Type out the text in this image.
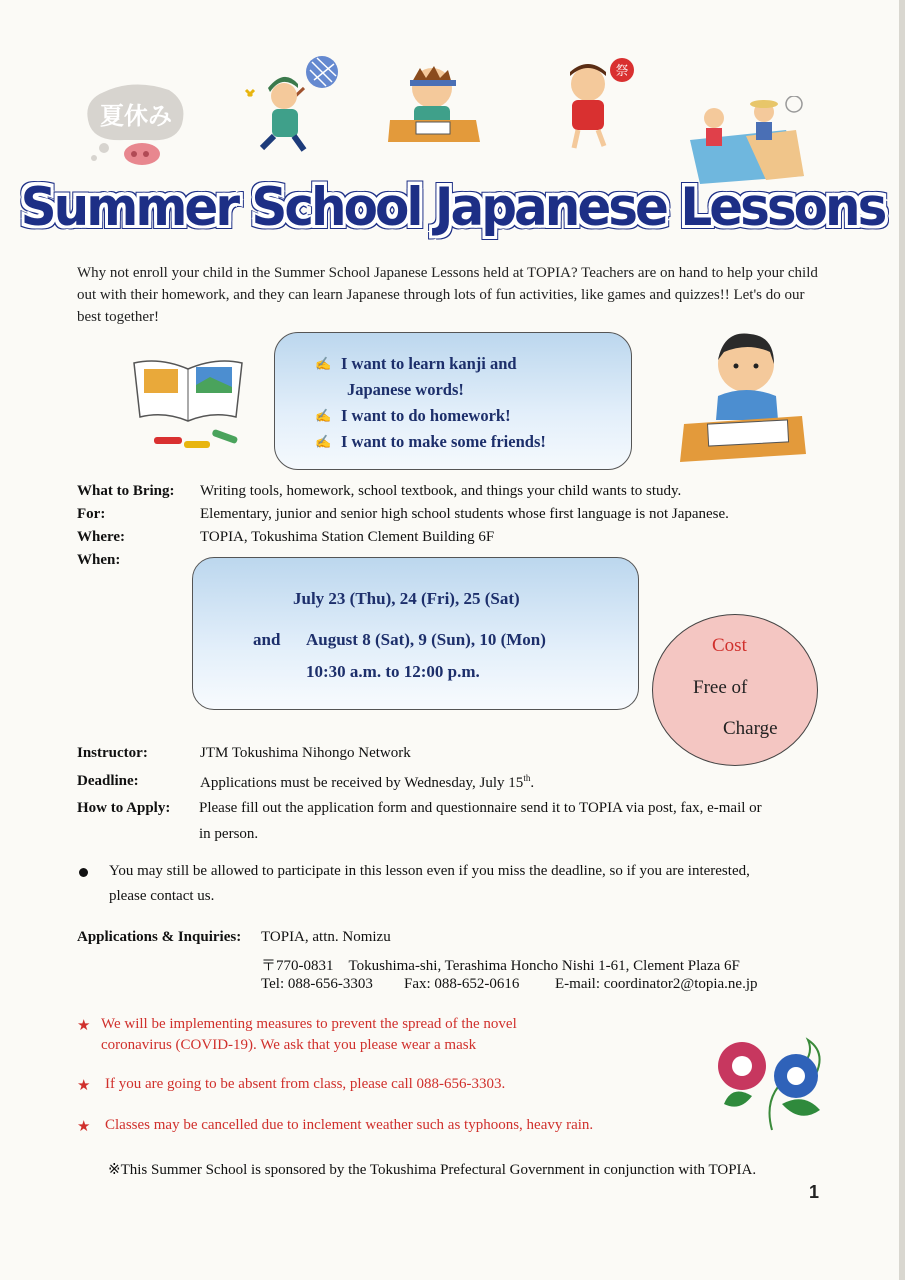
夏休み
祭
Summer School Japanese Lessons
Why not enroll your child in the Summer School Japanese Lessons held at TOPIA? Teachers are on hand to help your child out with their homework, and they can learn Japanese through lots of fun activities, like games and quizzes!! Let's do our best together!
✍ I want to learn kanji and
Japanese words!
✍ I want to do homework!
✍ I want to make some friends!
What to Bring: Writing tools, homework, school textbook, and things your child wants to study.
For:	Elementary, junior and senior high school students whose first language is not Japanese.
Where:	TOPIA, Tokushima Station Clement Building 6F
When:
July 23 (Thu), 24 (Fri), 25 (Sat)
and August 8 (Sat), 9 (Sun), 10 (Mon)
10:30 a.m. to 12:00 p.m.
Cost
Free of
Charge
Instructor:	JTM Tokushima Nihongo Network
Deadline:	Applications must be received by Wednesday, July 15th.
How to Apply: Please fill out the application form and questionnaire send it to TOPIA via post, fax, e-mail or
in person.
You may still be allowed to participate in this lesson even if you miss the deadline, so if you are interested,
please contact us.
Applications & Inquiries: TOPIA, attn. Nomizu
〒770-0831　Tokushima-shi, Terashima Honcho Nishi 1-61, Clement Plaza 6F
Tel: 088-656-3303 Fax: 088-652-0616 E-mail: coordinator2@topia.ne.jp
★ We will be implementing measures to prevent the spread of the novel
coronavirus (COVID-19). We ask that you please wear a mask
★ If you are going to be absent from class, please call 088-656-3303.
★ Classes may be cancelled due to inclement weather such as typhoons, heavy rain.
※This Summer School is sponsored by the Tokushima Prefectural Government in conjunction with TOPIA.
1
